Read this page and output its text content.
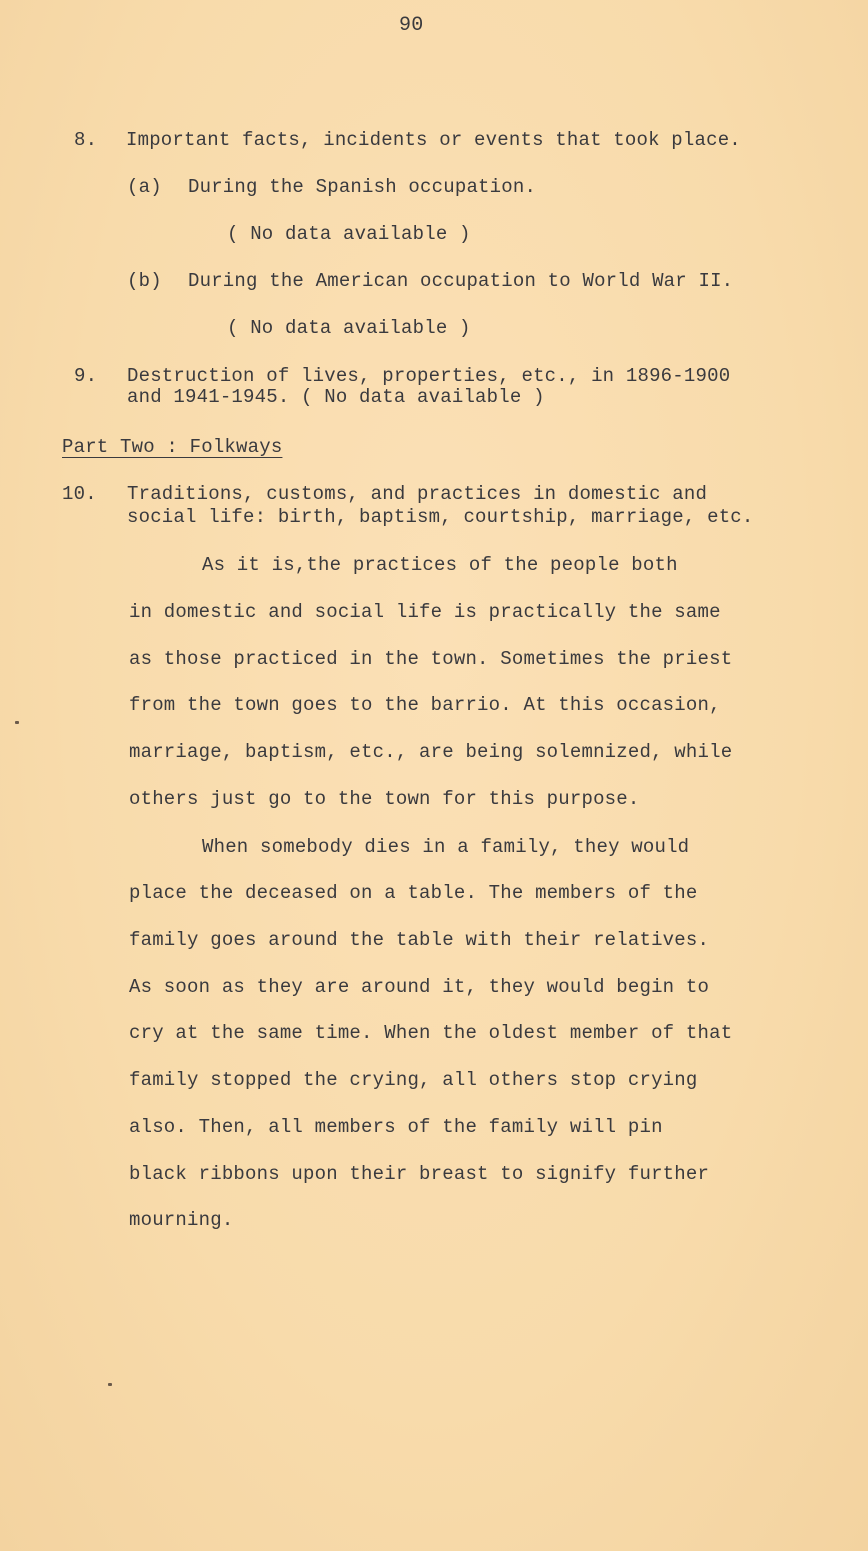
90
8. Important facts, incidents or events that took place.
(a) During the Spanish occupation.
( No data available )
(b) During the American occupation to World War II.
( No data available )
9. Destruction of lives, properties, etc., in 1896-1900
and 1941-1945. ( No data available )
Part Two : Folkways
10. Traditions, customs, and practices in domestic and
social life: birth, baptism, courtship, marriage, etc.
As it is,the practices of the people both
in domestic and social life is practically the same
as those practiced in the town. Sometimes the priest
from the town goes to the barrio. At this occasion,
marriage, baptism, etc., are being solemnized, while
others just go to the town for this purpose.
When somebody dies in a family, they would
place the deceased on a table. The members of the
family goes around the table with their relatives.
As soon as they are around it, they would begin to
cry at the same time. When the oldest member of that
family stopped the crying, all others stop crying
also. Then, all members of the family will pin
black ribbons upon their breast to signify further
mourning.
